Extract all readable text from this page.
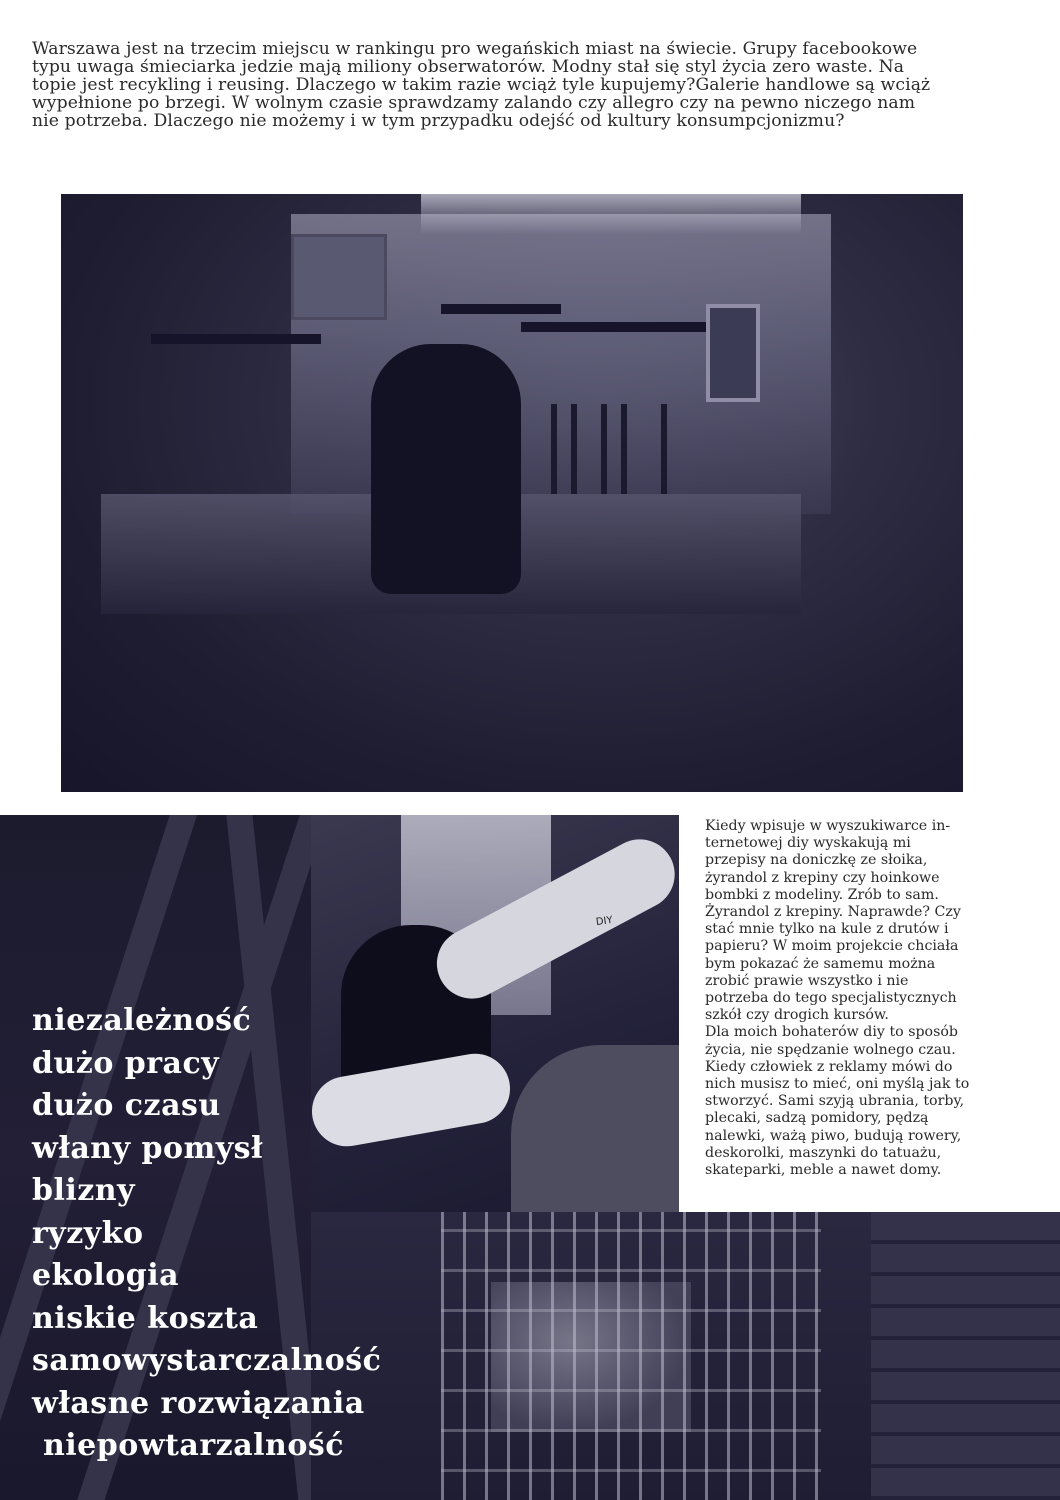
Warszawa jest na trzecim miejscu w rankingu pro wegańskich miast na świecie. Grupy facebookowe
typu uwaga śmieciarka jedzie mają miliony obserwatorów. Modny stał się styl życia zero waste. Na
topie jest recykling i reusing. Dlaczego w takim razie wciąż tyle kupujemy?Galerie handlowe są wciąż
wypełnione po brzegi. W wolnym czasie sprawdzamy zalando czy allegro czy na pewno niczego nam
nie potrzeba. Dlaczego nie możemy i w tym przypadku odejść od kultury konsumpcjonizmu?

DIY
niezależność
dużo pracy
dużo czasu
włany pomysł
blizny
ryzyko
ekologia
niskie koszta
samowystarczalność
własne rozwiązania
niepowtarzalność

Kiedy wpisuje w wyszukiwarce in-
ternetowej diy wyskakują mi
przepisy na doniczkę ze słoika,
żyrandol z krepiny czy hoinkowe
bombki z modeliny. Zrób to sam.
Żyrandol z krepiny. Naprawde? Czy
stać mnie tylko na kule z drutów i
papieru? W moim projekcie chciała
bym pokazać że samemu można
zrobić prawie wszystko i nie
potrzeba do tego specjalistycznych
szkół czy drogich kursów.
Dla moich bohaterów diy to sposób
życia, nie spędzanie wolnego czau.
Kiedy człowiek z reklamy mówi do
nich musisz to mieć, oni myślą jak to
stworzyć. Sami szyją ubrania, torby,
plecaki, sadzą pomidory, pędzą
nalewki, ważą piwo, budują rowery,
deskorolki, maszynki do tatuażu,
skateparki, meble a nawet domy.
